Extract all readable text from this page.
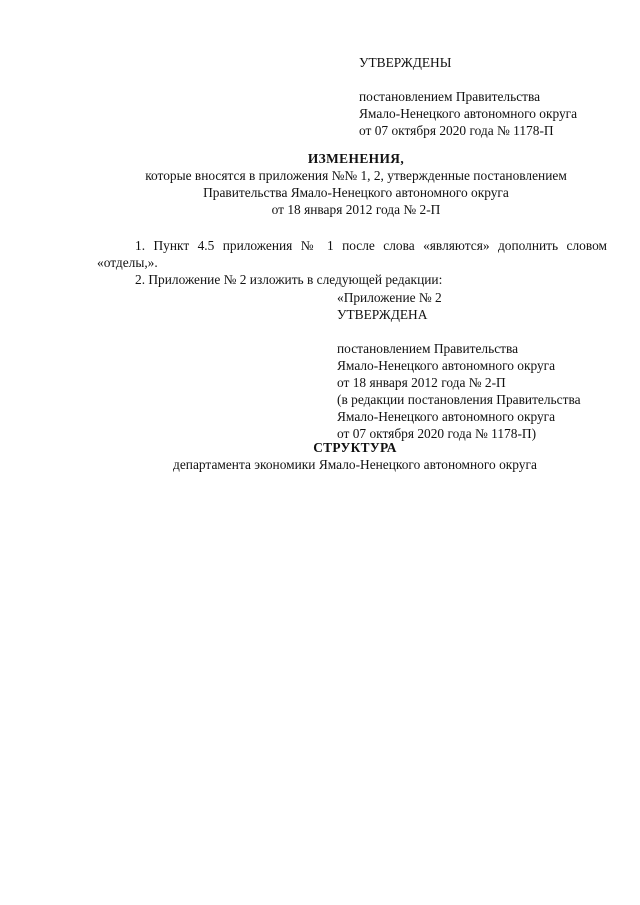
УТВЕРЖДЕНЫ
постановлением Правительства
Ямало-Ненецкого автономного округа
от 07 октября 2020 года № 1178-П
ИЗМЕНЕНИЯ,
которые вносятся в приложения №№ 1, 2, утвержденные постановлением
Правительства Ямало-Ненецкого автономного округа
от 18 января 2012 года № 2-П
1. Пункт 4.5 приложения № 1 после слова «являются» дополнить словом
«отделы,».
2. Приложение № 2 изложить в следующей редакции:
«Приложение № 2
УТВЕРЖДЕНА
постановлением Правительства
Ямало-Ненецкого автономного округа
от 18 января 2012 года № 2-П
(в редакции постановления Правительства
Ямало-Ненецкого автономного округа
от 07 октября 2020 года № 1178-П)
СТРУКТУРА
департамента экономики Ямало-Ненецкого автономного округа
